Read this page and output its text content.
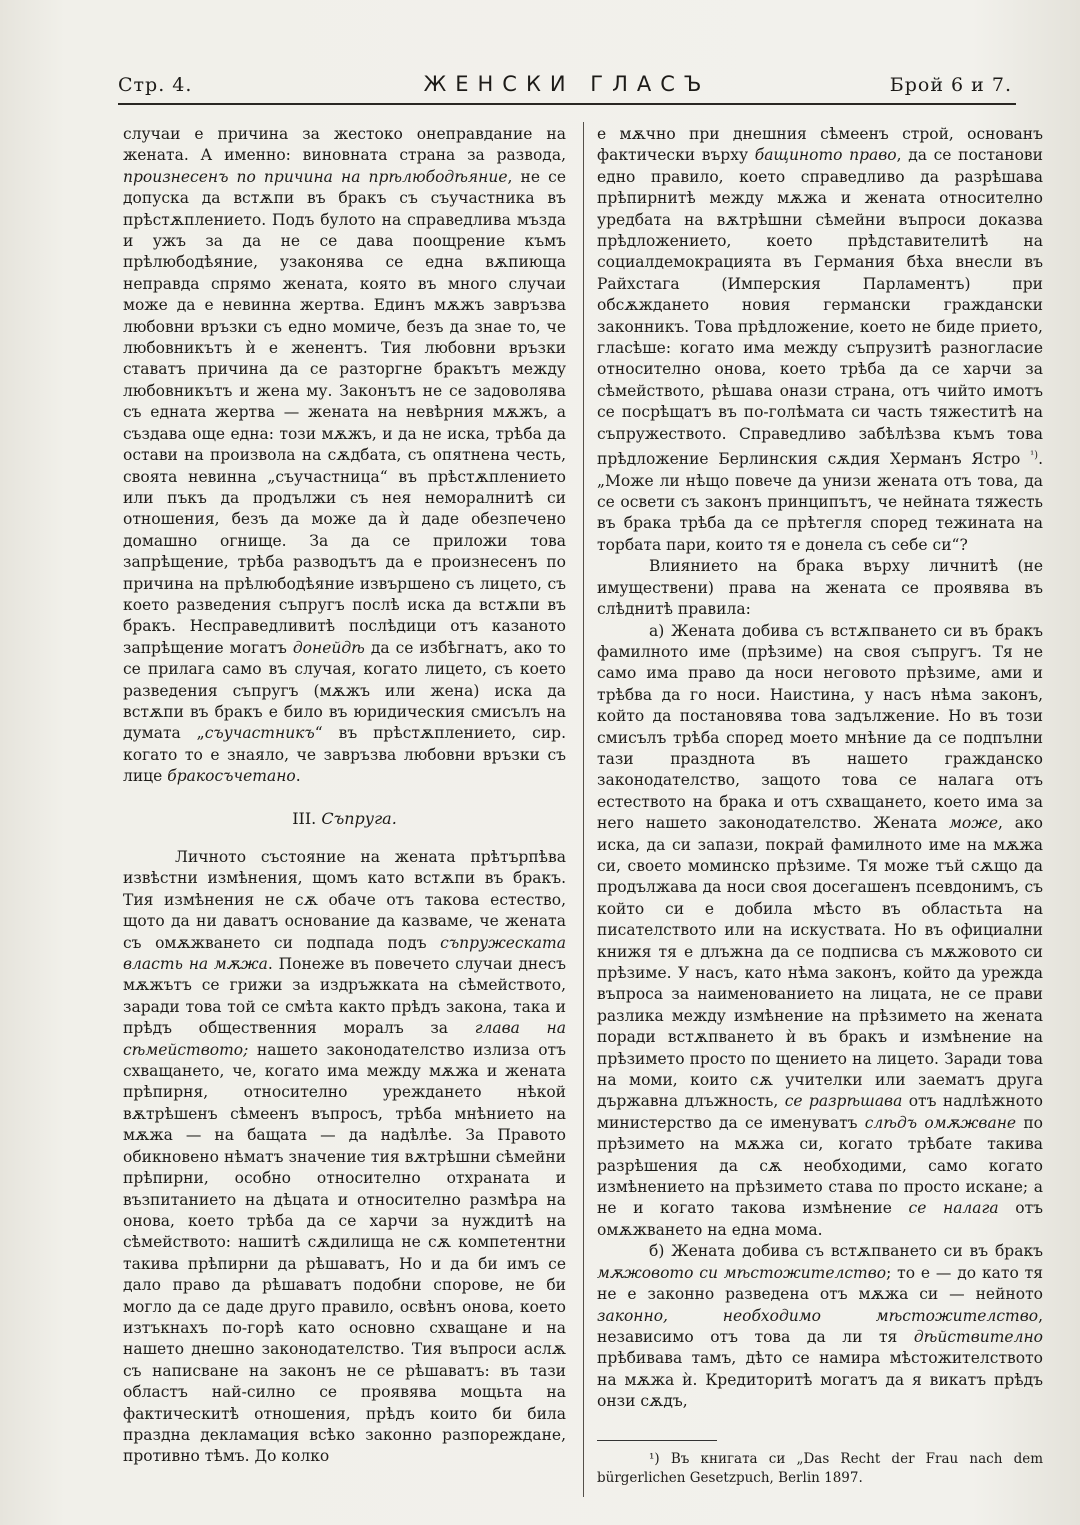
Стр. 4.	ЖЕНСКИ ГЛАСЪ	Брой 6 и 7.

случаи е причина за жестоко онеправдание на жената. А именно: виновната страна за развода, произнесенъ по причина на прѣлюбодѣяние, не се допуска да встѫпи въ бракъ съ съучастника въ прѣстѫплението. Подъ булото на справедлива мъзда и ужъ за да не се дава поощрение къмъ прѣлюбодѣяние, узаконява се една вѫпиюща неправда спрямо жената, която въ много случаи може да е невинна жертва. Единъ мѫжъ завръзва любовни връзки съ едно момиче, безъ да знае то, че любовникътъ ѝ е женентъ. Тия любовни връзки ставатъ причина да се разторгне бракътъ между любовникътъ и жена му. Законътъ не се задоволява съ едната жертва — жената на невѣрния мѫжъ, а създава още една: този мѫжъ, и да не иска, трѣба да остави на произвола на сѫдбата, съ опятнена честь, своята невинна „съучастница“ въ прѣстѫплението или пъкъ да продължи съ нея неморалнитѣ си отношения, безъ да може да ѝ даде обезпечено домашно огнище. За да се приложи това запрѣщение, трѣба разводътъ да е произнесенъ по причина на прѣлюбодѣяние извършено съ лицето, съ което разведения съпругъ послѣ иска да встѫпи въ бракъ. Несправедливитѣ послѣдици отъ казаното запрѣщение могатъ донейдѣ да се избѣгнатъ, ако то се прилага само въ случая, когато лицето, съ което разведения съпругъ (мѫжъ или жена) иска да встѫпи въ бракъ е било въ юридическия смисълъ на думата „съучастникъ“ въ прѣстѫплението, сир. когато то е знаяло, че завръзва любовни връзки съ лице бракосъчетано.

III. Съпруга.

Личното състояние на жената прѣтърпѣва извѣстни измѣнения, щомъ като встѫпи въ бракъ. Тия измѣнения не сѫ обаче отъ такова естество, щото да ни даватъ основание да казваме, че жената съ омѫжването си подпада подъ съпружеската власть на мѫжа. Понеже въ повечето случаи днесъ мѫжътъ се грижи за издръжката на сѣмейството, заради това той се смѣта както прѣдъ закона, така и прѣдъ общественния моралъ за глава на сѣмейството; нашето законодателство излиза отъ схващането, че, когато има между мѫжа и жената прѣпирня, относително уреждането нѣкой вѫтрѣшенъ сѣмеенъ въпросъ, трѣба мнѣнието на мѫжа — на бащата — да надѣлѣе. За Правото обикновено нѣматъ значение тия вѫтрѣшни сѣмейни прѣпирни, особно относително отхраната и възпитанието на дѣцата и относително размѣра на онова, което трѣба да се харчи за нуждитѣ на сѣмейството: нашитѣ сѫдилища не сѫ компетентни такива прѣпирни да рѣшаватъ, Но и да би имъ се дало право да рѣшаватъ подобни спорове, не би могло да се даде друго правило, освѣнъ онова, което изтъкнахъ по-горѣ като основно схващане и на нашето днешно законодателство. Тия въпроси аслѫ съ написване на законъ не се рѣшаватъ: въ тази областъ най-силно се проявява мощьта на фактическитѣ отношения, прѣдъ които би била празднa декламация всѣко законно разпореждане, противно тѣмъ. До колко

е мѫчно при днешния сѣмеенъ строй, основанъ фактически върху бащиното право, да се постанови едно правило, което справедливо да разрѣшава прѣпирнитѣ между мѫжа и жената относително уредбата на вѫтрѣшни сѣмейни въпроси доказва прѣдложението, което прѣдставителитѣ на социалдемокрацията въ Германия бѣха внесли въ Райхстага (Имперския Парламентъ) при обсѫждането новия германски граждански законникъ. Това прѣдложение, което не биде прието, гласѣше: когато има между съпрузитѣ разногласие относително онова, което трѣба да се харчи за сѣмейството, рѣшава онази страна, отъ чийто имотъ се посрѣщатъ въ по-голѣмата си часть тяжеститѣ на съпружеството. Справедливо забѣлѣзва къмъ това прѣдложение Берлинския сѫдия Херманъ Ястро $^{^1)}$. „Може ли нѣщо повече да унизи жената отъ това, да се освети съ законъ принципътъ, че нейната тяжесть въ брака трѣба да се прѣтегля според тежината на торбата пари, които тя е донела съ себе си“?

Влиянието на брака върху личнитѣ (не имуществени) права на жената се проявява въ слѣднитѣ правила:

а) Жената добива съ встѫпването си въ бракъ фамилното име (прѣзиме) на своя съпругъ. Тя не само има право да носи неговото прѣзиме, ами и трѣбва да го носи. Наистина, у насъ нѣма законъ, който да постановява това задължение. Но въ този смисълъ трѣба според моето мнѣние да се подпълни тази празднота въ нашето гражданско законодателство, защото това се налага отъ естеството на брака и отъ схващането, което има за него нашето законодателство. Жената може, ако иска, да си запази, покрай фамилното име на мѫжа си, своето моминско прѣзиме. Тя може тъй сѫщо да продължава да носи своя досегашенъ псевдонимъ, съ който си е добила мѣсто въ областьта на писателството или на искуствата. Но въ официални книжя тя е длъжна да се подписва съ мѫжовото си прѣзиме. У насъ, като нѣма законъ, който да урежда въпроса за наименованието на лицата, не се прави разлика между измѣнение на прѣзимето на жената поради встѫпването ѝ въ бракъ и измѣнение на прѣзимето просто по щението на лицето. Заради това на моми, които сѫ учителки или заематъ друга държавна длъжность, се разрѣшава отъ надлѣжното министерство да се именуватъ слѣдъ омѫжване по прѣзимето на мѫжа си, когато трѣбате такива разрѣшения да сѫ необходими, само когато измѣнението на прѣзимето става по просто искане; а не и когато такова измѣнение се налага отъ омѫжването на една мома.

б) Жената добива съ встѫпването си въ бракъ мѫжовото си мѣстожителство; то е — до като тя не е законно разведена отъ мѫжа си — нейното законно, необходимо мѣстожителство, независимо отъ това да ли тя дѣйствително прѣбивава тамъ, дѣто се намира мѣстожителството на мѫжа ѝ. Кредиторитѣ могатъ да я викатъ прѣдъ онзи сѫдъ,

¹) Въ книгата си „Das Recht der Frau nach dem bürgerlichen Gesetzpuch, Berlin 1897.
